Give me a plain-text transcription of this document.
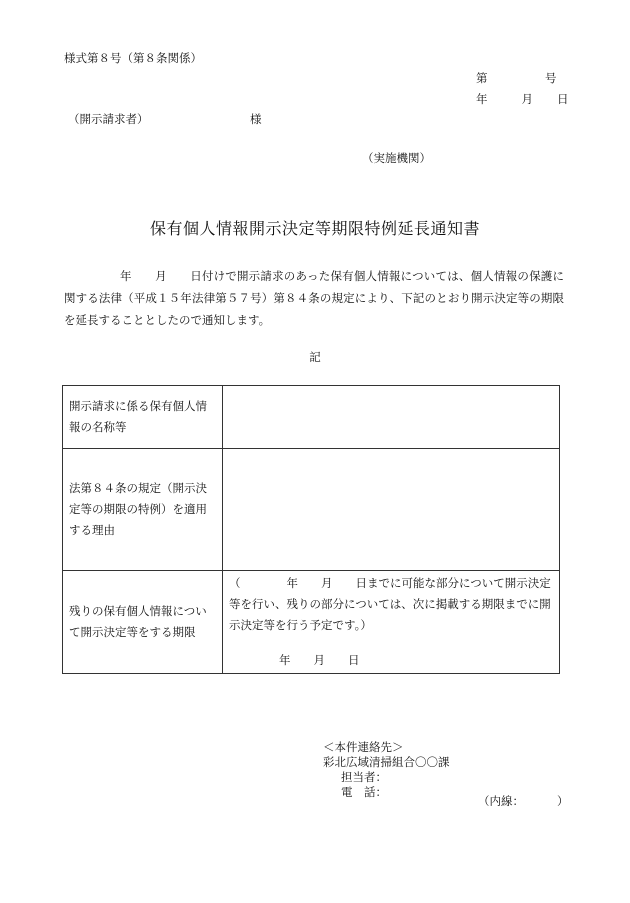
様式第８号（第８条関係）
第	号
年	月 日
（開示請求者）	様
（実施機関）
保有個人情報開示決定等期限特例延長通知書
年　　月　　日付けで開示請求のあった保有個人情報については、個人情報の保護に関する法律（平成１５年法律第５７号）第８４条の規定により、下記のとおり開示決定等の期限を延長することとしたので通知します。
記
開示請求に係る保有個人情報の名称等	
法第８４条の規定（開示決定等の期限の特例）を適用する理由	
残りの保有個人情報について開示決定等をする期限	（　　　　年　　月　　日までに可能な部分について開示決定等を行い、残りの部分については、次に掲載する期限までに開示決定等を行う予定です。）
年　　月　　日
＜本件連絡先＞
彩北広域清掃組合〇〇課
担当者：
電　話：
（内線：	）
